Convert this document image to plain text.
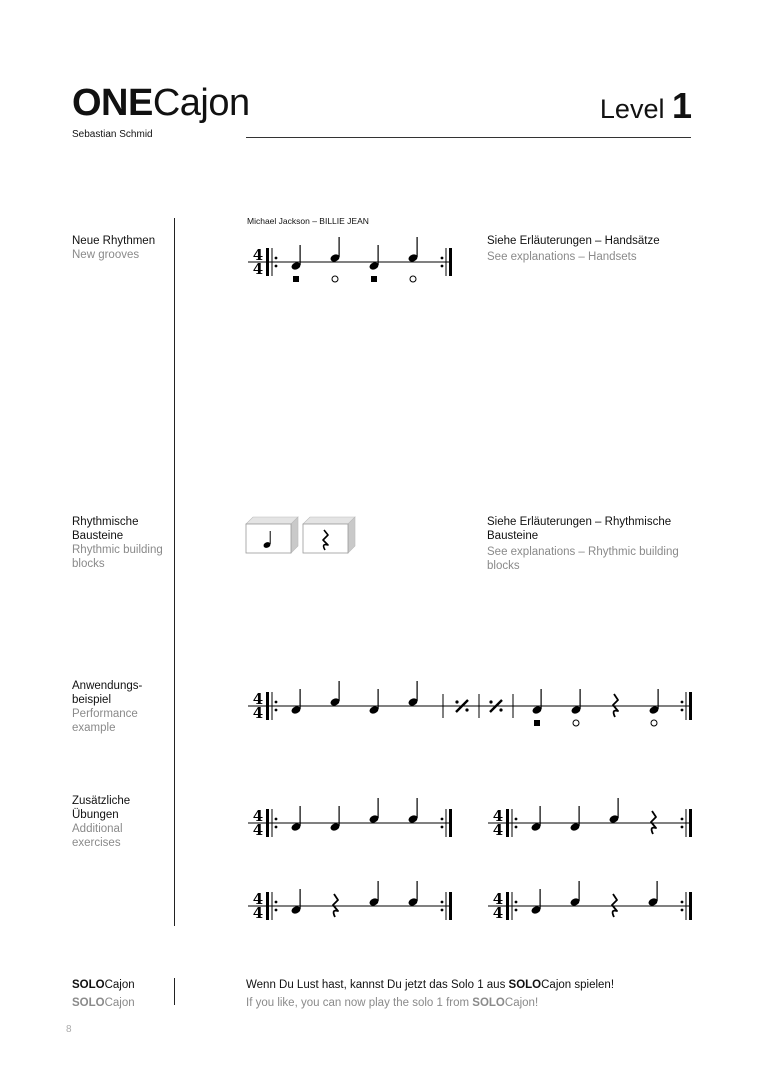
ONECajon
Sebastian Schmid
Level 1
Neue Rhythmen
New grooves
Rhythmische Bausteine
Rhythmic building blocks
Anwendungs-beispiel
Performance example
Zusätzliche Übungen
Additional exercises
Michael Jackson – BILLIE JEAN
Siehe Erläuterungen – Handsätze
See explanations – Handsets
Siehe Erläuterungen – Rhythmische Bausteine
See explanations – Rhythmic building blocks
4
4
4
4
4
4
4
4
4
4
4
4
SOLOCajon
SOLOCajon
Wenn Du Lust hast, kannst Du jetzt das Solo 1 aus SOLOCajon spielen!
If you like, you can now play the solo 1 from SOLOCajon!
8
